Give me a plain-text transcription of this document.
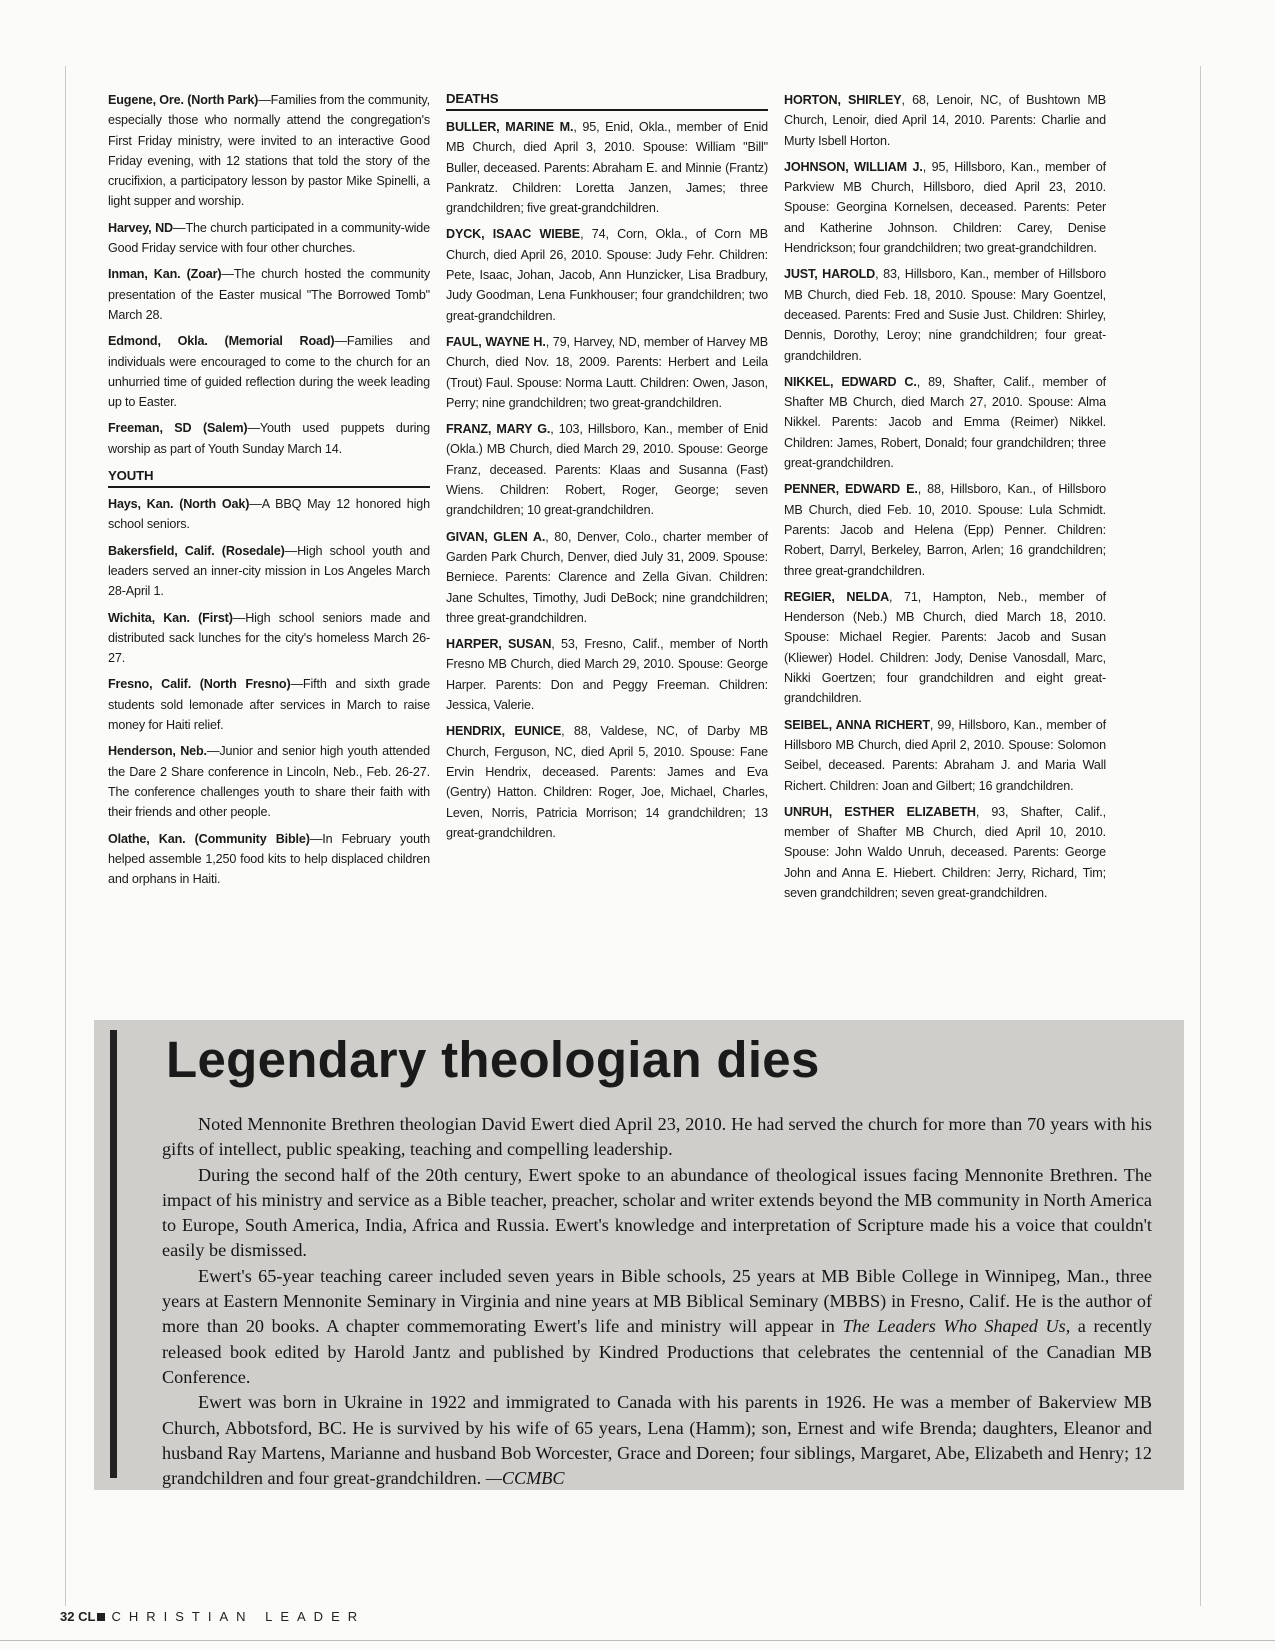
Eugene, Ore. (North Park)—Families from the community, especially those who normally attend the congregation's First Friday ministry, were invited to an interactive Good Friday evening, with 12 stations that told the story of the crucifixion, a participatory lesson by pastor Mike Spinelli, a light supper and worship.

Harvey, ND—The church participated in a community-wide Good Friday service with four other churches.

Inman, Kan. (Zoar)—The church hosted the community presentation of the Easter musical "The Borrowed Tomb" March 28.

Edmond, Okla. (Memorial Road)—Families and individuals were encouraged to come to the church for an unhurried time of guided reflection during the week leading up to Easter.

Freeman, SD (Salem)—Youth used puppets during worship as part of Youth Sunday March 14.

YOUTH

Hays, Kan. (North Oak)—A BBQ May 12 honored high school seniors.

Bakersfield, Calif. (Rosedale)—High school youth and leaders served an inner-city mission in Los Angeles March 28-April 1.

Wichita, Kan. (First)—High school seniors made and distributed sack lunches for the city's homeless March 26-27.

Fresno, Calif. (North Fresno)—Fifth and sixth grade students sold lemonade after services in March to raise money for Haiti relief.

Henderson, Neb.—Junior and senior high youth attended the Dare 2 Share conference in Lincoln, Neb., Feb. 26-27. The conference challenges youth to share their faith with their friends and other people.

Olathe, Kan. (Community Bible)—In February youth helped assemble 1,250 food kits to help displaced children and orphans in Haiti.

DEATHS

BULLER, MARINE M., 95, Enid, Okla., member of Enid MB Church, died April 3, 2010. Spouse: William "Bill" Buller, deceased. Parents: Abraham E. and Minnie (Frantz) Pankratz. Children: Loretta Janzen, James; three grandchildren; five great-grandchildren.

DYCK, ISAAC WIEBE, 74, Corn, Okla., of Corn MB Church, died April 26, 2010. Spouse: Judy Fehr. Children: Pete, Isaac, Johan, Jacob, Ann Hunzicker, Lisa Bradbury, Judy Goodman, Lena Funkhouser; four grandchildren; two great-grandchildren.

FAUL, WAYNE H., 79, Harvey, ND, member of Harvey MB Church, died Nov. 18, 2009. Parents: Herbert and Leila (Trout) Faul. Spouse: Norma Lautt. Children: Owen, Jason, Perry; nine grandchildren; two great-grandchildren.

FRANZ, MARY G., 103, Hillsboro, Kan., member of Enid (Okla.) MB Church, died March 29, 2010. Spouse: George Franz, deceased. Parents: Klaas and Susanna (Fast) Wiens. Children: Robert, Roger, George; seven grandchildren; 10 great-grandchildren.

GIVAN, GLEN A., 80, Denver, Colo., charter member of Garden Park Church, Denver, died July 31, 2009. Spouse: Berniece. Parents: Clarence and Zella Givan. Children: Jane Schultes, Timothy, Judi DeBock; nine grandchildren; three great-grandchildren.

HARPER, SUSAN, 53, Fresno, Calif., member of North Fresno MB Church, died March 29, 2010. Spouse: George Harper. Parents: Don and Peggy Freeman. Children: Jessica, Valerie.

HENDRIX, EUNICE, 88, Valdese, NC, of Darby MB Church, Ferguson, NC, died April 5, 2010. Spouse: Fane Ervin Hendrix, deceased. Parents: James and Eva (Gentry) Hatton. Children: Roger, Joe, Michael, Charles, Leven, Norris, Patricia Morrison; 14 grandchildren; 13 great-grandchildren.

HORTON, SHIRLEY, 68, Lenoir, NC, of Bushtown MB Church, Lenoir, died April 14, 2010. Parents: Charlie and Murty Isbell Horton.

JOHNSON, WILLIAM J., 95, Hillsboro, Kan., member of Parkview MB Church, Hillsboro, died April 23, 2010. Spouse: Georgina Kornelsen, deceased. Parents: Peter and Katherine Johnson. Children: Carey, Denise Hendrickson; four grandchildren; two great-grandchildren.

JUST, HAROLD, 83, Hillsboro, Kan., member of Hillsboro MB Church, died Feb. 18, 2010. Spouse: Mary Goentzel, deceased. Parents: Fred and Susie Just. Children: Shirley, Dennis, Dorothy, Leroy; nine grandchildren; four great-grandchildren.

NIKKEL, EDWARD C., 89, Shafter, Calif., member of Shafter MB Church, died March 27, 2010. Spouse: Alma Nikkel. Parents: Jacob and Emma (Reimer) Nikkel. Children: James, Robert, Donald; four grandchildren; three great-grandchildren.

PENNER, EDWARD E., 88, Hillsboro, Kan., of Hillsboro MB Church, died Feb. 10, 2010. Spouse: Lula Schmidt. Parents: Jacob and Helena (Epp) Penner. Children: Robert, Darryl, Berkeley, Barron, Arlen; 16 grandchildren; three great-grandchildren.

REGIER, NELDA, 71, Hampton, Neb., member of Henderson (Neb.) MB Church, died March 18, 2010. Spouse: Michael Regier. Parents: Jacob and Susan (Kliewer) Hodel. Children: Jody, Denise Vanosdall, Marc, Nikki Goertzen; four grandchildren and eight great-grandchildren.

SEIBEL, ANNA RICHERT, 99, Hillsboro, Kan., member of Hillsboro MB Church, died April 2, 2010. Spouse: Solomon Seibel, deceased. Parents: Abraham J. and Maria Wall Richert. Children: Joan and Gilbert; 16 grandchildren.

UNRUH, ESTHER ELIZABETH, 93, Shafter, Calif., member of Shafter MB Church, died April 10, 2010. Spouse: John Waldo Unruh, deceased. Parents: George John and Anna E. Hiebert. Children: Jerry, Richard, Tim; seven grandchildren; seven great-grandchildren.

Legendary theologian dies

Noted Mennonite Brethren theologian David Ewert died April 23, 2010. He had served the church for more than 70 years with his gifts of intellect, public speaking, teaching and compelling leadership.

During the second half of the 20th century, Ewert spoke to an abundance of theological issues facing Mennonite Brethren. The impact of his ministry and service as a Bible teacher, preacher, scholar and writer extends beyond the MB community in North America to Europe, South America, India, Africa and Russia. Ewert's knowledge and interpretation of Scripture made his a voice that couldn't easily be dismissed.

Ewert's 65-year teaching career included seven years in Bible schools, 25 years at MB Bible College in Winnipeg, Man., three years at Eastern Mennonite Seminary in Virginia and nine years at MB Biblical Seminary (MBBS) in Fresno, Calif. He is the author of more than 20 books. A chapter commemorating Ewert's life and ministry will appear in The Leaders Who Shaped Us, a recently released book edited by Harold Jantz and published by Kindred Productions that celebrates the centennial of the Canadian MB Conference.

Ewert was born in Ukraine in 1922 and immigrated to Canada with his parents in 1926. He was a member of Bakerview MB Church, Abbotsford, BC. He is survived by his wife of 65 years, Lena (Hamm); son, Ernest and wife Brenda; daughters, Eleanor and husband Ray Martens, Marianne and husband Bob Worcester, Grace and Doreen; four siblings, Margaret, Abe, Elizabeth and Henry; 12 grandchildren and four great-grandchildren. —CCMBC

32 CL CHRISTIAN LEADER
